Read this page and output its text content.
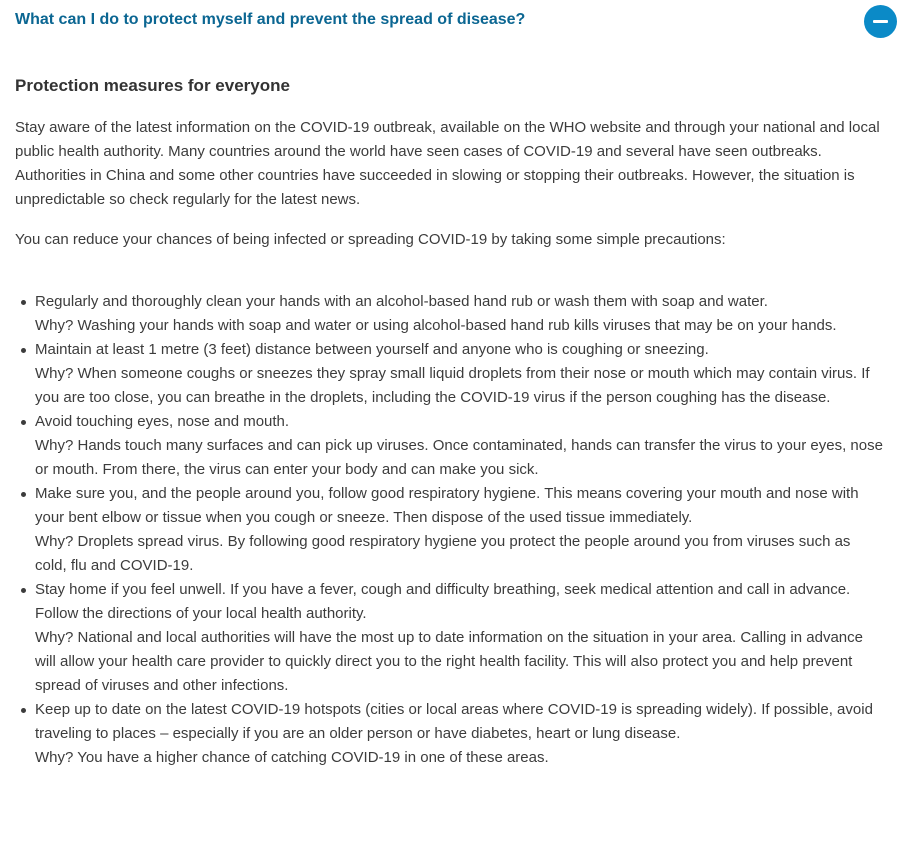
What can I do to protect myself and prevent the spread of disease?
Protection measures for everyone

Stay aware of the latest information on the COVID-19 outbreak, available on the WHO website and through your national and local public health authority. Many countries around the world have seen cases of COVID-19 and several have seen outbreaks. Authorities in China and some other countries have succeeded in slowing or stopping their outbreaks. However, the situation is unpredictable so check regularly for the latest news.

You can reduce your chances of being infected or spreading COVID-19 by taking some simple precautions:

Regularly and thoroughly clean your hands with an alcohol-based hand rub or wash them with soap and water.
Why? Washing your hands with soap and water or using alcohol-based hand rub kills viruses that may be on your hands.
Maintain at least 1 metre (3 feet) distance between yourself and anyone who is coughing or sneezing.
Why? When someone coughs or sneezes they spray small liquid droplets from their nose or mouth which may contain virus. If you are too close, you can breathe in the droplets, including the COVID-19 virus if the person coughing has the disease.
Avoid touching eyes, nose and mouth.
Why? Hands touch many surfaces and can pick up viruses. Once contaminated, hands can transfer the virus to your eyes, nose or mouth. From there, the virus can enter your body and can make you sick.
Make sure you, and the people around you, follow good respiratory hygiene. This means covering your mouth and nose with your bent elbow or tissue when you cough or sneeze. Then dispose of the used tissue immediately.
Why? Droplets spread virus. By following good respiratory hygiene you protect the people around you from viruses such as cold, flu and COVID-19.
Stay home if you feel unwell. If you have a fever, cough and difficulty breathing, seek medical attention and call in advance. Follow the directions of your local health authority.
Why? National and local authorities will have the most up to date information on the situation in your area. Calling in advance will allow your health care provider to quickly direct you to the right health facility. This will also protect you and help prevent spread of viruses and other infections.
Keep up to date on the latest COVID-19 hotspots (cities or local areas where COVID-19 is spreading widely). If possible, avoid traveling to places – especially if you are an older person or have diabetes, heart or lung disease.
Why? You have a higher chance of catching COVID-19 in one of these areas.
